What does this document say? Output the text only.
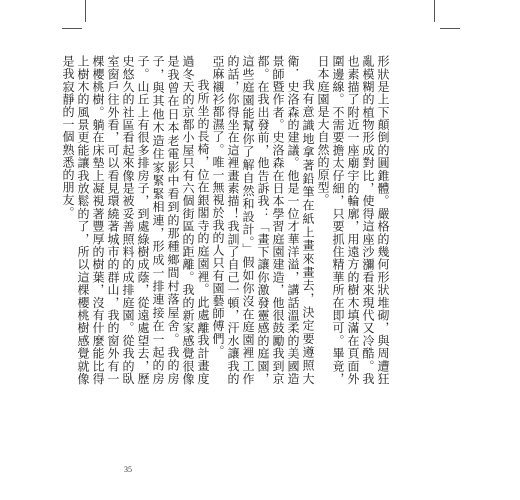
形狀是上下顛倒的圓錐體。嚴格的幾何形狀堆砌，與周遭狂亂模糊的植物形成對比，使得這座沙瀰看來現代又冷酷。我也素描了附近一座廟宇的輪廓，用遠方的樹木填滿在頁面外圍邊線。不需要擔太仔細，只要抓住精華所在即可。畢竟，日本庭園是大自然的原型。

我有意識地拿著鉛筆在紙上畫來畫去，決定要遵照大衛．史洛森的建議。他是一位才華洋溢，講話溫柔的美國造景師暨作者。史洛森在日本學習庭園建造，他很鼓勵我到京都。在我出發前，他告訴我：「畫下讓你激發靈感的庭園，這些庭園能幫你了解自然和設計。」假如你沒在庭園裡工作的話，你得坐在這裡畫素描！我訓了自己一頓，汗水讓我的亞麻襯衫都濕了。唯一無視於我的人只有園藝師傅們。

我所坐的長椅，位在銀閣寺的庭園裡。此處離我計畫度過冬天的京都小屋只有六個街區的距離。我的新家感覺很像是我曾在日本老電影中看到的那種鄉間村落屋舍。我的房子，與其他木造住家緊緊相連，形成一排連接在一起的房子。山丘上有很多排房子，到處綠樹成蔭，從遠處望去，歷史悠久的社區看起來像是被妥善照料的成排庭園。從我的臥室窗戶往外看，可以看見環繞著城市的群山，我的窗外有一棵櫻桃樹。躺在床墊上凝視著豐厚的樹葉，沒有什麼能比得上樹木的風景更能讓我放鬆的了，所以這棵櫻桃樹感覺就像是我寂靜的一個熟悉的朋友。

35
